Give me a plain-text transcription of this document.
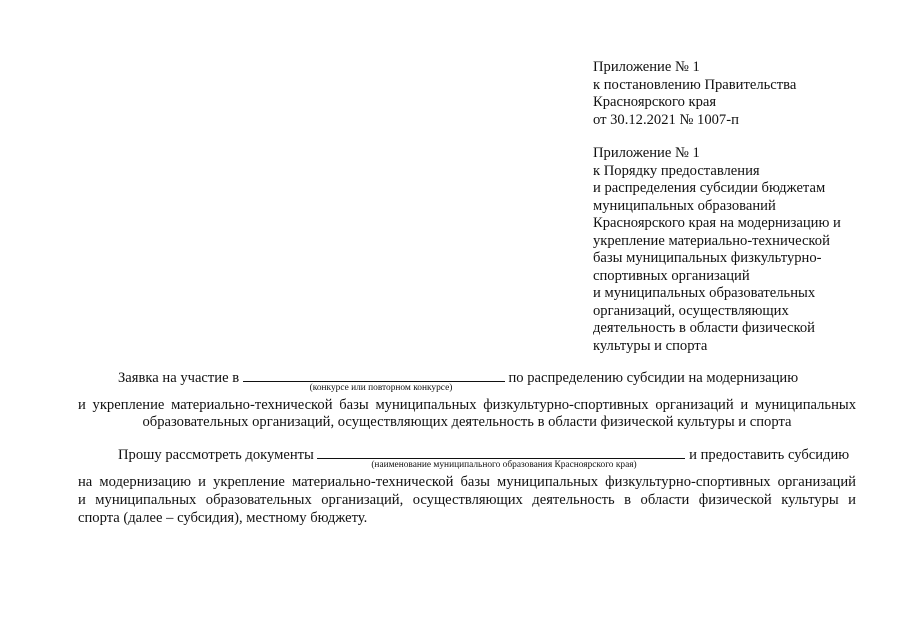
Приложение № 1
к постановлению Правительства
Красноярского края
от 30.12.2021 № 1007-п
Приложение № 1
к Порядку предоставления
и распределения субсидии бюджетам
муниципальных образований
Красноярского края на модернизацию и
укрепление материально-технической
базы муниципальных физкультурно-
спортивных организаций
и муниципальных образовательных
организаций, осуществляющих
деятельность в области физической
культуры и спорта
Заявка на участие в	по распределению субсидии на модернизацию
(конкурсе или повторном конкурсе)
и укрепление материально-технической базы муниципальных физкультурно-спортивных организаций и муниципальных
образовательных организаций, осуществляющих деятельность в области физической культуры и спорта
Прошу рассмотреть документы	и предоставить субсидию
(наименование муниципального образования Красноярского края)
на модернизацию и укрепление материально-технической базы муниципальных физкультурно-спортивных организаций
и муниципальных образовательных организаций, осуществляющих деятельность в области физической культуры и
спорта (далее – субсидия), местному бюджету.
